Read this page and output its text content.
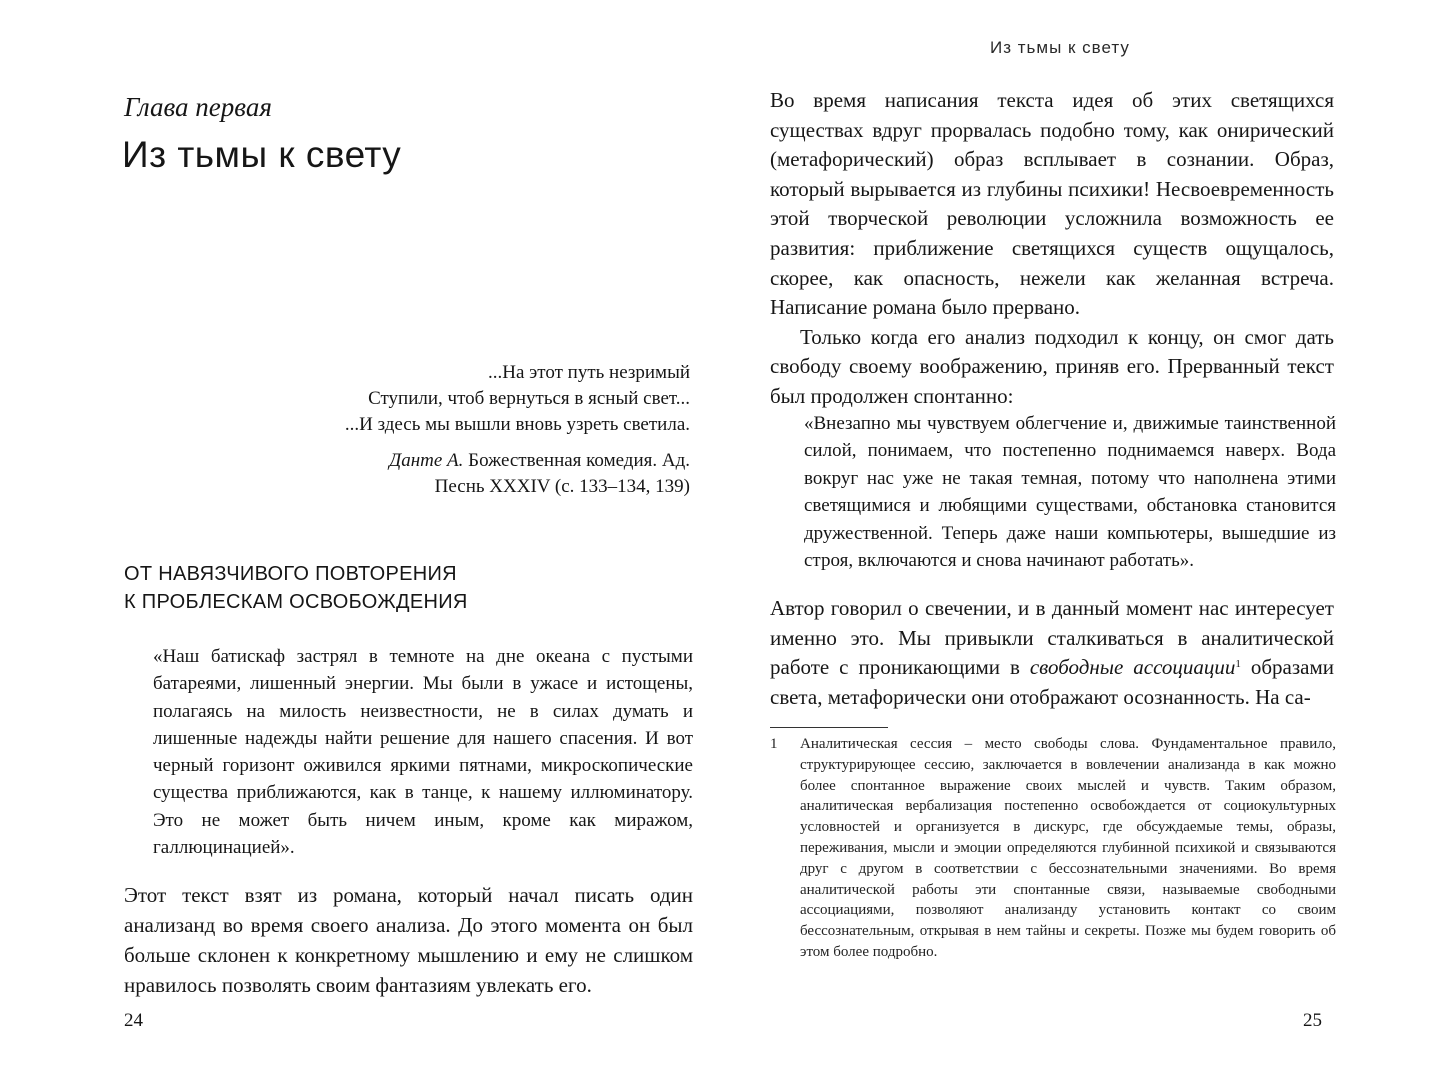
Глава первая
Из тьмы к свету
...На этот путь незримый
Ступили, чтоб вернуться в ясный свет...
...И здесь мы вышли вновь узреть светила.
Данте А. Божественная комедия. Ад.
Песнь XXXIV (с. 133–134, 139)
ОТ НАВЯЗЧИВОГО ПОВТОРЕНИЯ
К ПРОБЛЕСКАМ ОСВОБОЖДЕНИЯ

«Наш батискаф застрял в темноте на дне океана с пустыми батареями, лишенный энергии. Мы были в ужасе и истощены, полагаясь на милость неизвестности, не в силах думать и лишенные надежды найти решение для нашего спасения. И вот черный горизонт оживился яркими пятнами, микроскопические существа приближаются, как в танце, к нашему иллюминатору. Это не может быть ничем иным, кроме как миражом, галлюцинацией».

Этот текст взят из романа, который начал писать один анализанд во время своего анализа. До этого момента он был больше склонен к конкретному мышлению и ему не слишком нравилось позволять своим фантазиям увлекать его.

24
Из тьмы к свету

Во время написания текста идея об этих светящихся существах вдруг прорвалась подобно тому, как онирический (метафорический) образ всплывает в сознании. Образ, который вырывается из глубины психики! Несвоевременность этой творческой революции усложнила возможность ее развития: приближение светящихся существ ощущалось, скорее, как опасность, нежели как желанная встреча. Написание романа было прервано.

Только когда его анализ подходил к концу, он смог дать свободу своему воображению, приняв его. Прерванный текст был продолжен спонтанно:

«Внезапно мы чувствуем облегчение и, движимые таинственной силой, понимаем, что постепенно поднимаемся наверх. Вода вокруг нас уже не такая темная, потому что наполнена этими светящимися и любящими существами, обстановка становится дружественной. Теперь даже наши компьютеры, вышедшие из строя, включаются и снова начинают работать».

Автор говорил о свечении, и в данный момент нас интересует именно это. Мы привыкли сталкиваться в аналитической работе с проникающими в свободные ассоциации$^1$ образами света, метафорически они отображают осознанность. На са-

1 Аналитическая сессия – место свободы слова. Фундаментальное правило, структурирующее сессию, заключается в вовлечении анализанда в как можно более спонтанное выражение своих мыслей и чувств. Таким образом, аналитическая вербализация постепенно освобождается от социокультурных условностей и организуется в дискурс, где обсуждаемые темы, образы, переживания, мысли и эмоции определяются глубинной психикой и связываются друг с другом в соответствии с бессознательными значениями. Во время аналитической работы эти спонтанные связи, называемые свободными ассоциациями, позволяют анализанду установить контакт со своим бессознательным, открывая в нем тайны и секреты. Позже мы будем говорить об этом более подробно.

25
